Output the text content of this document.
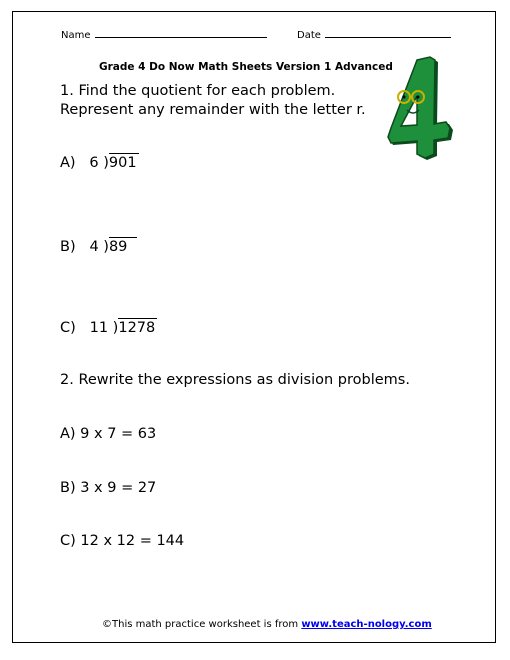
Name	Date
Grade 4 Do Now Math Sheets Version 1 Advanced
1. Find the quotient for each problem.
Represent any remainder with the letter r.
A) 6 )901
B) 4 )89
C) 11 )1278
2. Rewrite the expressions as division problems.
A) 9 x 7 = 63
B) 3 x 9 = 27
C) 12 x 12 = 144
©This math practice worksheet is from www.teach-nology.com
